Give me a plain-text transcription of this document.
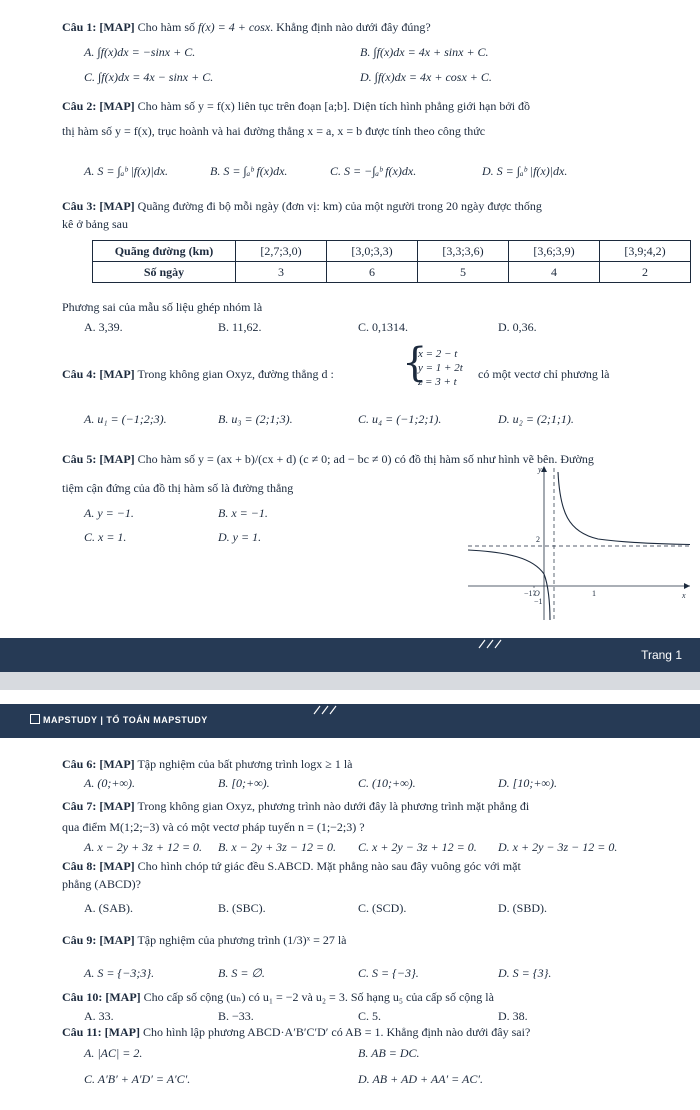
Câu 1: [MAP] Cho hàm số f(x) = 4 + cosx. Khẳng định nào dưới đây đúng?
A. ∫f(x)dx = −sinx + C.	B. ∫f(x)dx = 4x + sinx + C.
C. ∫f(x)dx = 4x − sinx + C.	D. ∫f(x)dx = 4x + cosx + C.
Câu 2: [MAP] Cho hàm số y = f(x) liên tục trên đoạn [a;b]. Diện tích hình phẳng giới hạn bởi đồ
thị hàm số y = f(x), trục hoành và hai đường thẳng x = a, x = b được tính theo công thức
A. S = ∫ₐᵇ |f(x)|dx.	B. S = ∫ₐᵇ f(x)dx.	C. S = −∫ₐᵇ f(x)dx.	D. S = ∫ₐᵇ |f(x)|dx.
Câu 3: [MAP] Quãng đường đi bộ mỗi ngày (đơn vị: km) của một người trong 20 ngày được thống
kê ở bảng sau
Quãng đường (km)	[2,7;3,0)	[3,0;3,3)	[3,3;3,6)	[3,6;3,9)	[3,9;4,2)
Số ngày	3	6	5	4	2
Phương sai của mẫu số liệu ghép nhóm là
A. 3,39.	B. 11,62.	C. 0,1314.	D. 0,36.
Câu 4: [MAP] Trong không gian Oxyz, đường thẳng d : {
x = 2 − t
y = 1 + 2t
z = 3 + t
có một vectơ chỉ phương là
A. u₁ = (−1;2;3).	B. u₃ = (2;1;3).	C. u₄ = (−1;2;1).	D. u₂ = (2;1;1).
Câu 5: [MAP] Cho hàm số y = (ax + b)/(cx + d) (c ≠ 0; ad − bc ≠ 0) có đồ thị hàm số như hình vẽ bên. Đường
tiệm cận đứng của đồ thị hàm số là đường thẳng
A. y = −1.	B. x = −1.
C. x = 1.	D. y = 1.
y
x
2
−1
−1
O	1
Trang 1
MAPSTUDY | TỔ TOÁN MAPSTUDY
Câu 6: [MAP] Tập nghiệm của bất phương trình logx ≥ 1 là
A. (0;+∞).	B. [0;+∞).	C. (10;+∞).	D. [10;+∞).
Câu 7: [MAP] Trong không gian Oxyz, phương trình nào dưới đây là phương trình mặt phẳng đi
qua điểm M(1;2;−3) và có một vectơ pháp tuyến n = (1;−2;3) ?
A. x − 2y + 3z + 12 = 0. B. x − 2y + 3z − 12 = 0. C. x + 2y − 3z + 12 = 0. D. x + 2y − 3z − 12 = 0.
Câu 8: [MAP] Cho hình chóp tứ giác đều S.ABCD. Mặt phẳng nào sau đây vuông góc với mặt
phẳng (ABCD)?
A. (SAB).	B. (SBC).	C. (SCD).	D. (SBD).
Câu 9: [MAP] Tập nghiệm của phương trình (1/3)ˣ = 27 là
A. S = {−3;3}.	B. S = ∅.	C. S = {−3}.	D. S = {3}.
Câu 10: [MAP] Cho cấp số cộng (uₙ) có u₁ = −2 và u₂ = 3. Số hạng u₅ của cấp số cộng là
A. 33.	B. −33.	C. 5.	D. 38.
Câu 11: [MAP] Cho hình lập phương ABCD·A′B′C′D′ có AB = 1. Khẳng định nào dưới đây sai?
A. |AC| = 2.	B. AB = DC.
C. A′B′ + A′D′ = A′C′.	D. AB + AD + AA′ = AC′.
